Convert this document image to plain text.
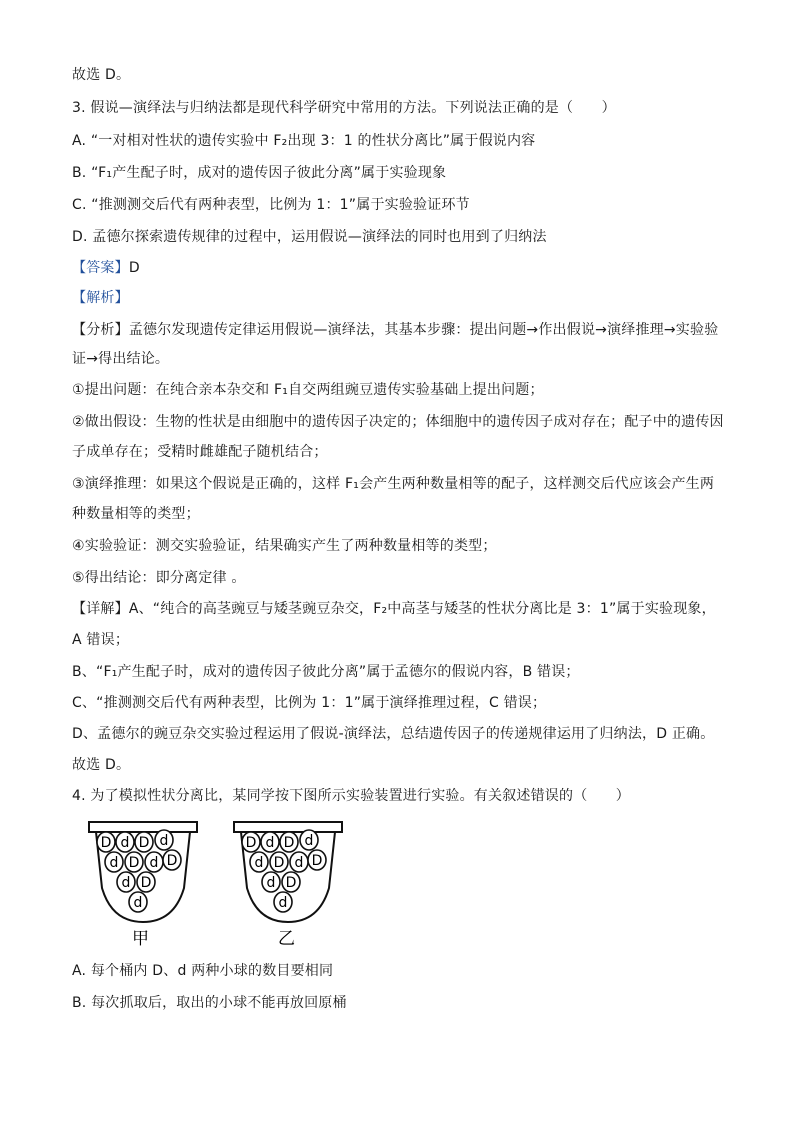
故选 D。
3. 假说—演绎法与归纳法都是现代科学研究中常用的方法。下列说法正确的是（　　）
A. “一对相对性状的遗传实验中 F₂出现 3：1 的性状分离比”属于假说内容
B. “F₁产生配子时，成对的遗传因子彼此分离”属于实验现象
C. “推测测交后代有两种表型，比例为 1：1”属于实验验证环节
D. 孟德尔探索遗传规律的过程中，运用假说—演绎法的同时也用到了归纳法
【答案】D
【解析】
【分析】孟德尔发现遗传定律运用假说—演绎法，其基本步骤：提出问题→作出假说→演绎推理→实验验
证→得出结论。
①提出问题：在纯合亲本杂交和 F₁自交两组豌豆遗传实验基础上提出问题；
②做出假设：生物的性状是由细胞中的遗传因子决定的；体细胞中的遗传因子成对存在；配子中的遗传因
子成单存在；受精时雌雄配子随机结合；
③演绎推理：如果这个假说是正确的，这样 F₁会产生两种数量相等的配子，这样测交后代应该会产生两
种数量相等的类型；
④实验验证：测交实验验证，结果确实产生了两种数量相等的类型；
⑤得出结论：即分离定律 。
【详解】A、“纯合的高茎豌豆与矮茎豌豆杂交，F₂中高茎与矮茎的性状分离比是 3：1”属于实验现象，
A 错误；
B、“F₁产生配子时，成对的遗传因子彼此分离”属于孟德尔的假说内容，B 错误；
C、“推测测交后代有两种表型，比例为 1：1”属于演绎推理过程，C 错误；
D、孟德尔的豌豆杂交实验过程运用了假说-演绎法，总结遗传因子的传递规律运用了归纳法，D 正确。
故选 D。
4. 为了模拟性状分离比，某同学按下图所示实验装置进行实验。有关叙述错误的（　　）
D d D d
d D d D
d D
d
D d D d
d D d D
d D
d
甲	乙
A. 每个桶内 D、d 两种小球的数目要相同
B. 每次抓取后，取出的小球不能再放回原桶
